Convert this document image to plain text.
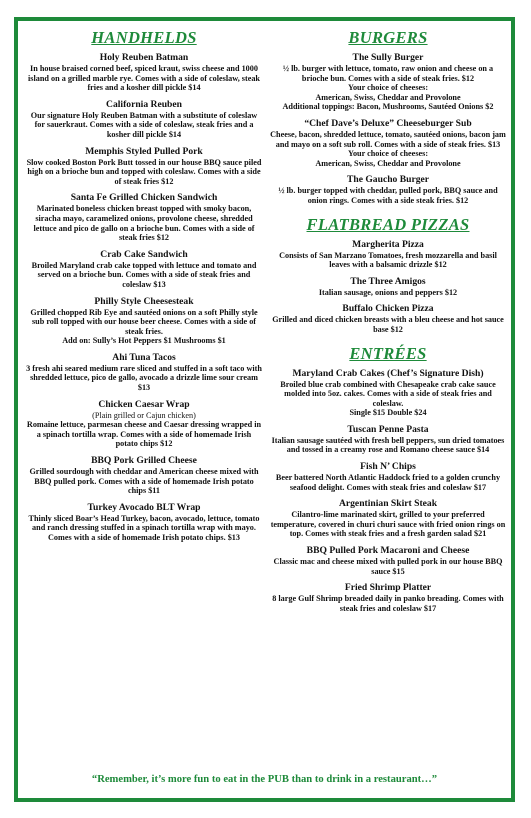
HANDHELDS
Holy Reuben Batman
In house braised corned beef, spiced kraut, swiss cheese and 1000 island on a grilled marble rye. Comes with a side of coleslaw, steak fries and a kosher dill pickle $14
California Reuben
Our signature Holy Reuben Batman with a substitute of coleslaw for sauerkraut. Comes with a side of coleslaw, steak fries and a kosher dill pickle $14
Memphis Styled Pulled Pork
Slow cooked Boston Pork Butt tossed in our house BBQ sauce piled high on a brioche bun and topped with coleslaw. Comes with a side of steak fries $12
Santa Fe Grilled Chicken Sandwich
Marinated boneless chicken breast topped with smoky bacon, siracha mayo, caramelized onions, provolone cheese, shredded lettuce and pico de gallo on a brioche bun. Comes with a side of steak fries $12
Crab Cake Sandwich
Broiled Maryland crab cake topped with lettuce and tomato and served on a brioche bun. Comes with a side of steak fries and coleslaw $13
Philly Style Cheesesteak
Grilled chopped Rib Eye and sautéed onions on a soft Philly style sub roll topped with our house beer cheese. Comes with a side of steak fries.
Add on: Sully’s Hot Peppers $1 Mushrooms $1
Ahi Tuna Tacos
3 fresh ahi seared medium rare sliced and stuffed in a soft taco with shredded lettuce, pico de gallo, avocado a drizzle lime sour cream $13
Chicken Caesar Wrap
(Plain grilled or Cajun chicken)
Romaine lettuce, parmesan cheese and Caesar dressing wrapped in a spinach tortilla wrap. Comes with a side of homemade Irish potato chips $12
BBQ Pork Grilled Cheese
Grilled sourdough with cheddar and American cheese mixed with BBQ pulled pork. Comes with a side of homemade Irish potato chips $11
Turkey Avocado BLT Wrap
Thinly sliced Boar’s Head Turkey, bacon, avocado, lettuce, tomato and ranch dressing stuffed in a spinach tortilla wrap with mayo. Comes with a side of homemade Irish potato chips. $13
BURGERS
The Sully Burger
½ lb. burger with lettuce, tomato, raw onion and cheese on a brioche bun. Comes with a side of steak fries. $12
Your choice of cheeses:
American, Swiss, Cheddar and Provolone
Additional toppings: Bacon, Mushrooms, Sautéed Onions $2
“Chef Dave’s Deluxe” Cheeseburger Sub
Cheese, bacon, shredded lettuce, tomato, sautéed onions, bacon jam and mayo on a soft sub roll. Comes with a side of steak fries. $13
Your choice of cheeses:
American, Swiss, Cheddar and Provolone
The Gaucho Burger
½ lb. burger topped with cheddar, pulled pork, BBQ sauce and onion rings. Comes with a side steak fries. $12
FLATBREAD PIZZAS
Margherita Pizza
Consists of San Marzano Tomatoes, fresh mozzarella and basil leaves with a balsamic drizzle $12
The Three Amigos
Italian sausage, onions and peppers $12
Buffalo Chicken Pizza
Grilled and diced chicken breasts with a bleu cheese and hot sauce base $12
ENTRÉES
Maryland Crab Cakes (Chef’s Signature Dish)
Broiled blue crab combined with Chesapeake crab cake sauce molded into 5oz. cakes. Comes with a side of steak fries and coleslaw.
Single $15 Double $24
Tuscan Penne Pasta
Italian sausage sautéed with fresh bell peppers, sun dried tomatoes and tossed in a creamy rose and Romano cheese sauce $14
Fish N’ Chips
Beer battered North Atlantic Haddock fried to a golden crunchy seafood delight. Comes with steak fries and coleslaw $17
Argentinian Skirt Steak
Cilantro-lime marinated skirt, grilled to your preferred temperature, covered in churi churi sauce with fried onion rings on top. Comes with steak fries and a fresh garden salad $21
BBQ Pulled Pork Macaroni and Cheese
Classic mac and cheese mixed with pulled pork in our house BBQ sauce $15
Fried Shrimp Platter
8 large Gulf Shrimp breaded daily in panko breading. Comes with steak fries and coleslaw $17
“Remember, it’s more fun to eat in the PUB than to drink in a restaurant…”
